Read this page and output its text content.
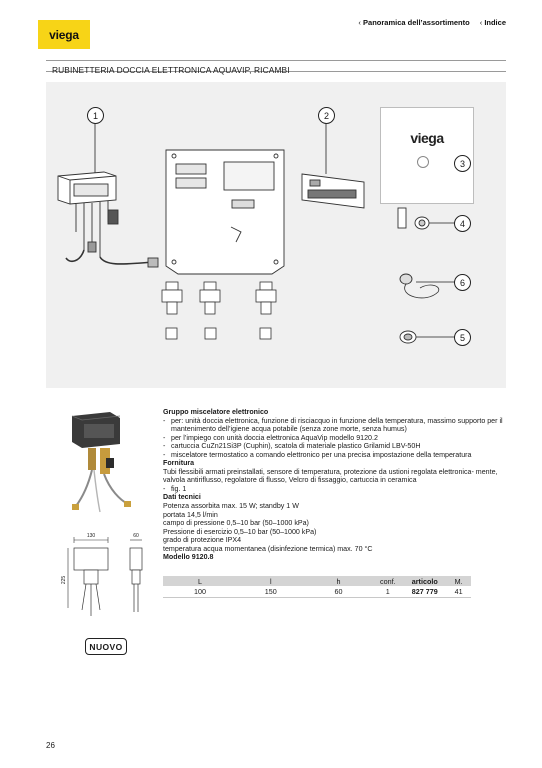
viega
‹ Panoramica dell’assortimento ‹ Indice
RUBINETTERIA DOCCIA ELETTRONICA AQUAVIP, RICAMBI
viega
1	2
3
4
6
5
130	60
225
NUOVO
Gruppo miscelatore elettronico
- per: unità doccia elettronica, funzione di risciacquo in funzione della temperatura, massimo supporto per il mantenimento dell’igiene acqua potabile (senza zone morte, senza humus)
- per l’impiego con unità doccia elettronica AquaVip modello 9120.2
- cartuccia CuZn21Si3P (Cuphin), scatola di materiale plastico Grilamid LBV-50H
- miscelatore termostatico a comando elettronico per una precisa impostazione della temperatura
Fornitura
Tubi flessibili armati preinstallati, sensore di temperatura, protezione da ustioni regolata elettronica- mente, valvola antiriflusso, regolatore di flusso, Velcro di fissaggio, cartuccia in ceramica
- fig. 1
Dati tecnici
Potenza assorbita max. 15 W; standby 1 W
portata 14,5 l/min
campo di pressione 0,5–10 bar (50–1000 kPa)
Pressione di esercizio 0,5–10 bar (50–1000 kPa)
grado di protezione IPX4
temperatura acqua momentanea (disinfezione termica) max. 70 °C
Modello 9120.8
L	l	h	conf.	articolo	M.
100	150	60	1	827 779	41
26
